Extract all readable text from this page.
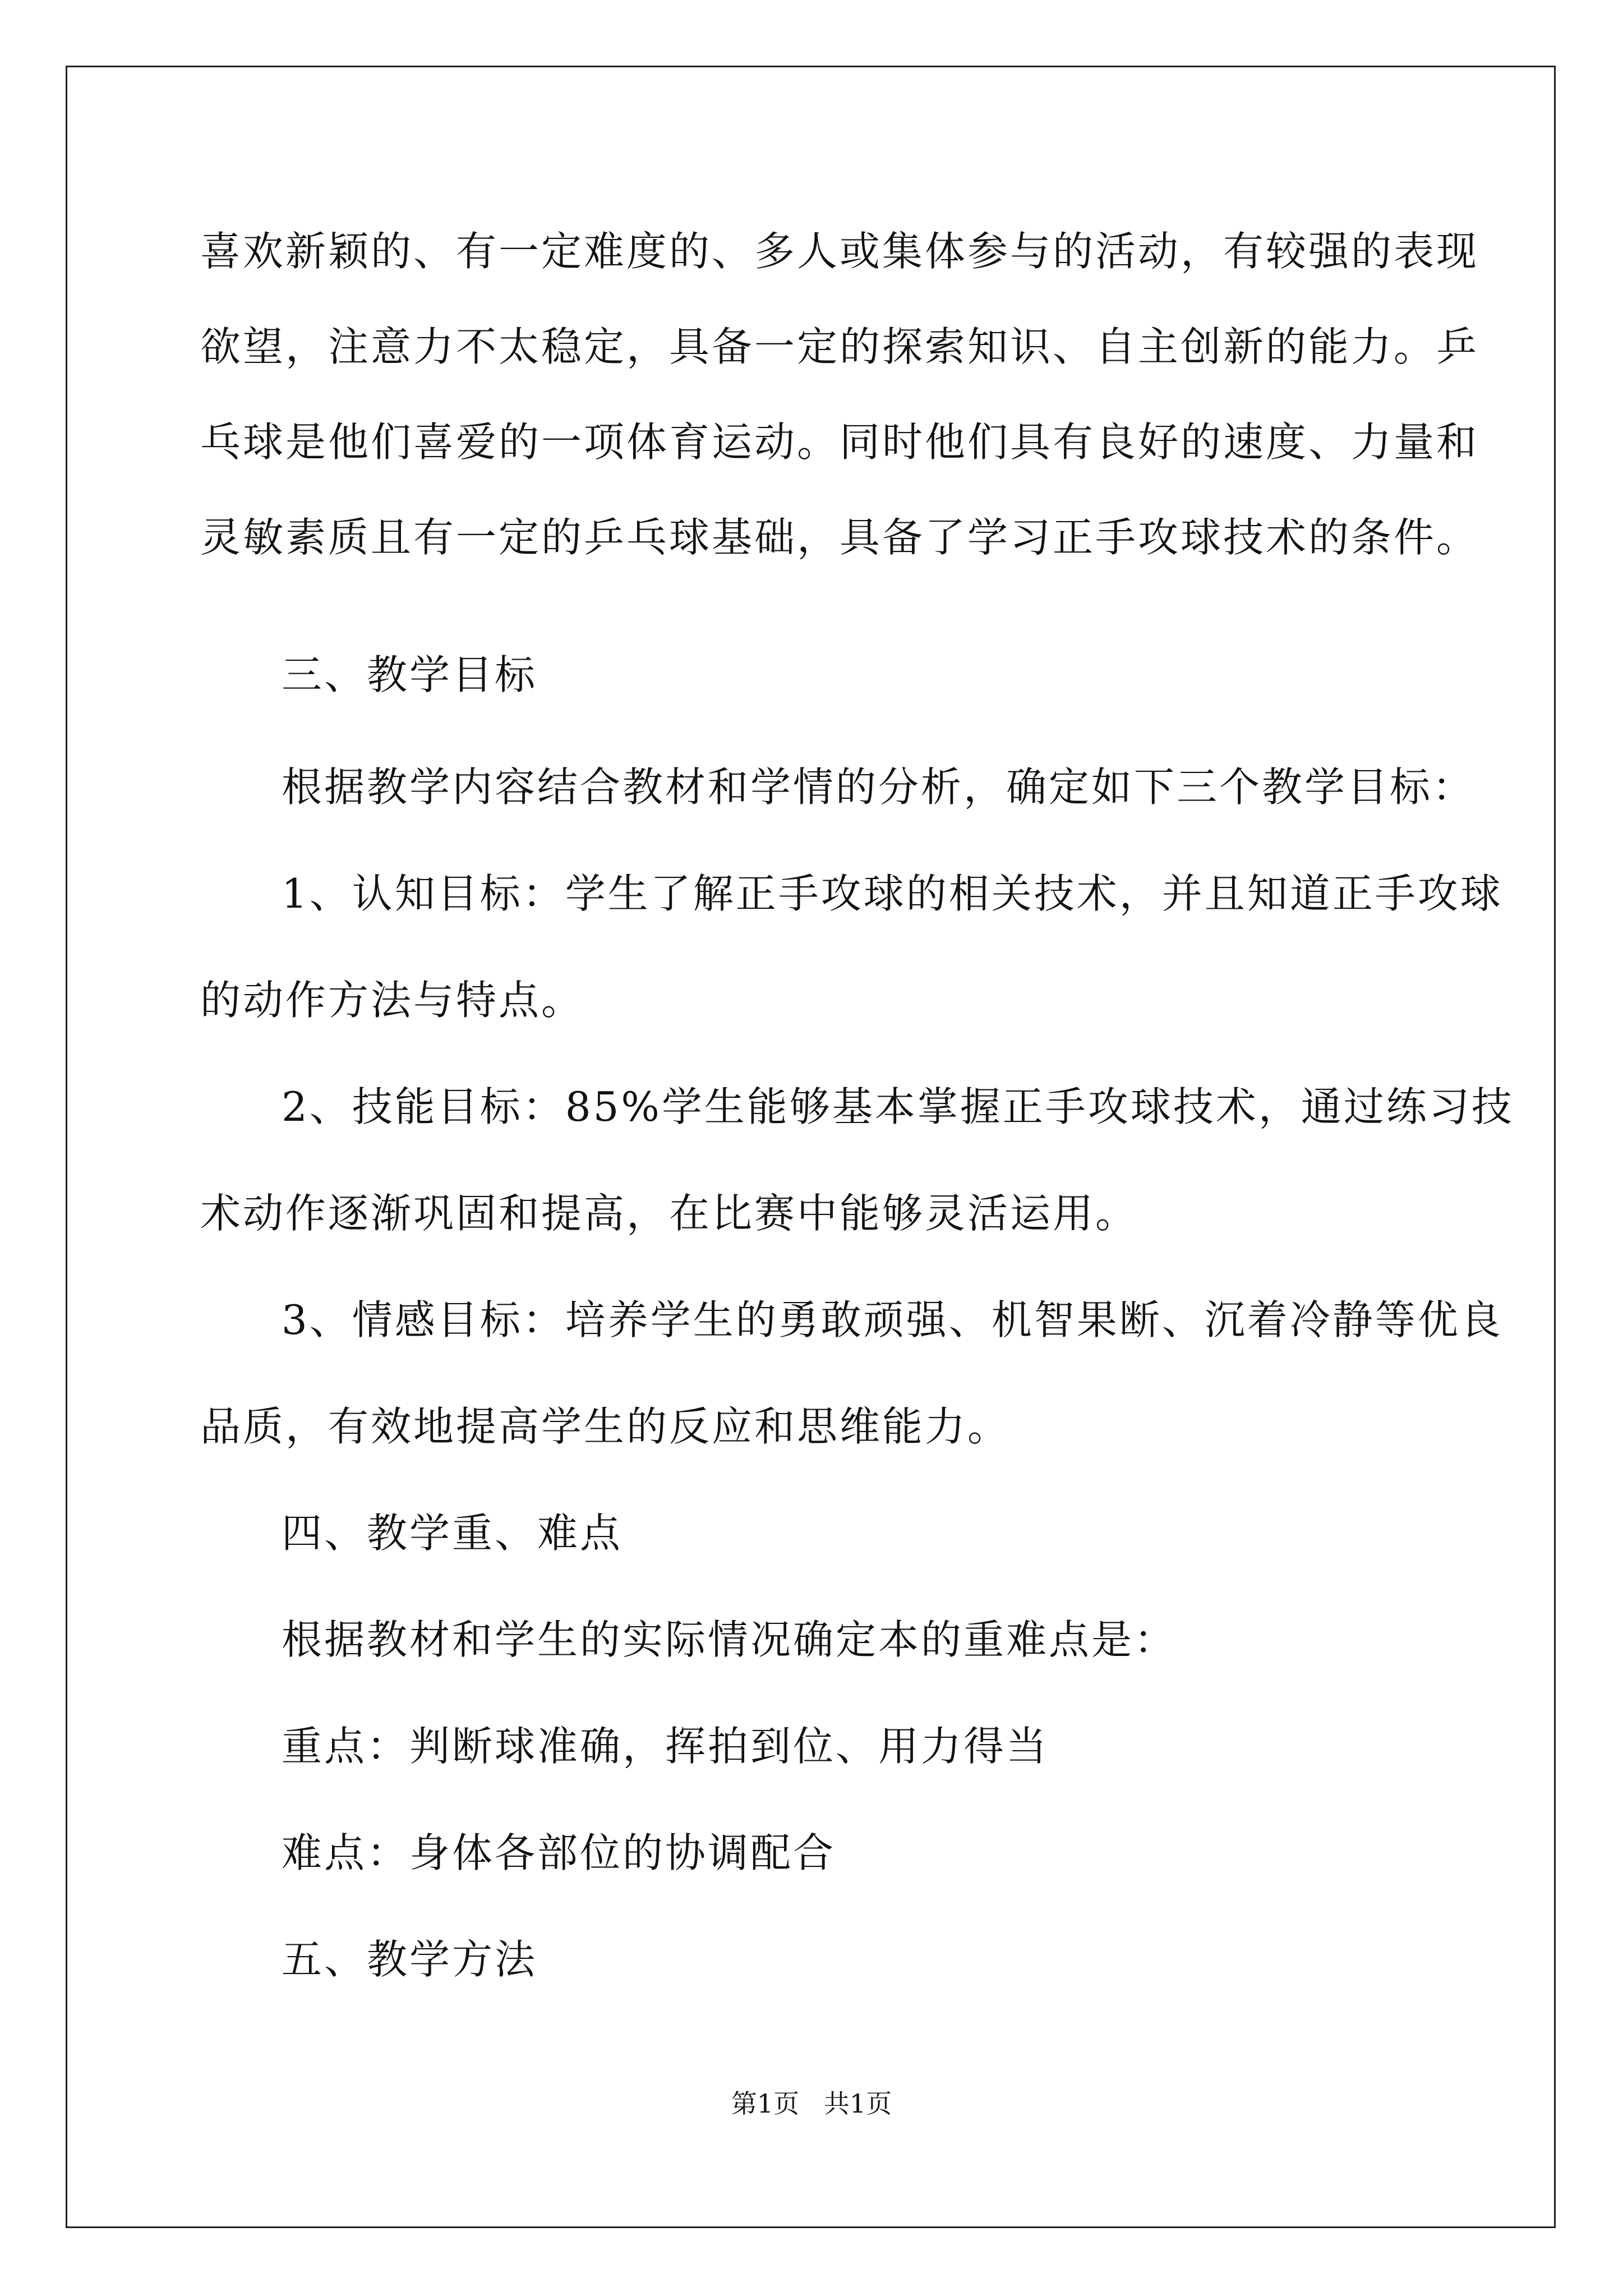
喜欢新颖的、有一定难度的、多人或集体参与的活动，有较强的表现
欲望，注意力不太稳定，具备一定的探索知识、自主创新的能力。乒
乓球是他们喜爱的一项体育运动。同时他们具有良好的速度、力量和
灵敏素质且有一定的乒乓球基础，具备了学习正手攻球技术的条件。
三、教学目标
根据教学内容结合教材和学情的分析，确定如下三个教学目标：
1、认知目标：学生了解正手攻球的相关技术，并且知道正手攻球
的动作方法与特点。
2、技能目标：85%学生能够基本掌握正手攻球技术，通过练习技
术动作逐渐巩固和提高，在比赛中能够灵活运用。
3、情感目标：培养学生的勇敢顽强、机智果断、沉着冷静等优良
品质，有效地提高学生的反应和思维能力。
四、教学重、难点
根据教材和学生的实际情况确定本的重难点是：
重点：判断球准确，挥拍到位、用力得当
难点：身体各部位的协调配合
五、教学方法
第1页   共1页
